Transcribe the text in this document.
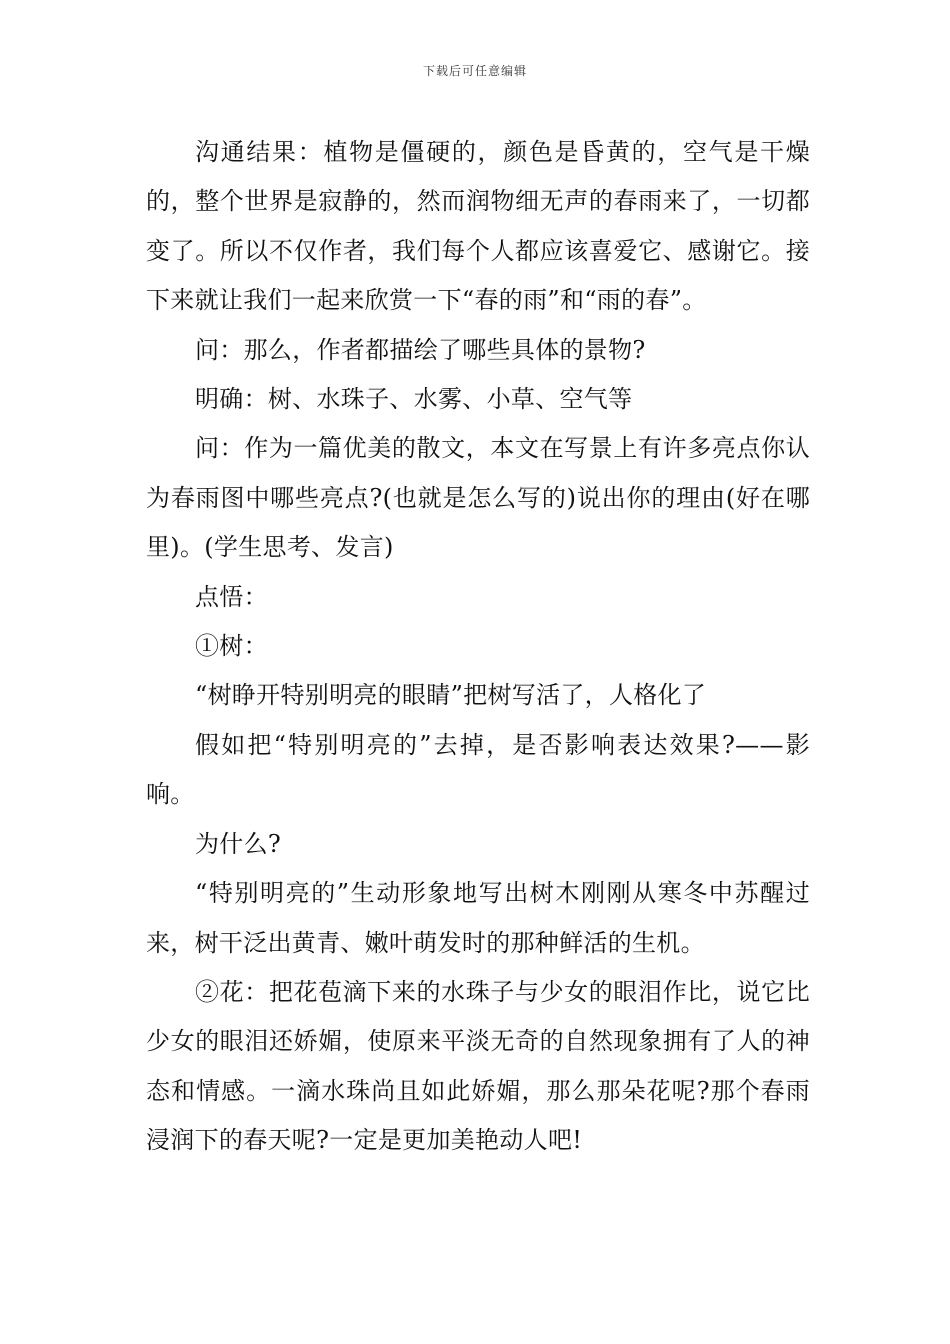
下载后可任意编辑

沟通结果：植物是僵硬的，颜色是昏黄的，空气是干燥的，整个世界是寂静的，然而润物细无声的春雨来了，一切都变了。所以不仅作者，我们每个人都应该喜爱它、感谢它。接下来就让我们一起来欣赏一下“春的雨”和“雨的春”。

问：那么，作者都描绘了哪些具体的景物?

明确：树、水珠子、水雾、小草、空气等

问：作为一篇优美的散文，本文在写景上有许多亮点你认为春雨图中哪些亮点?(也就是怎么写的)说出你的理由(好在哪里)。(学生思考、发言)

点悟：

①树：

“树睁开特别明亮的眼睛”把树写活了，人格化了

假如把“特别明亮的”去掉，是否影响表达效果?——影响。

为什么?

“特别明亮的”生动形象地写出树木刚刚从寒冬中苏醒过来，树干泛出黄青、嫩叶萌发时的那种鲜活的生机。

②花：把花苞滴下来的水珠子与少女的眼泪作比，说它比少女的眼泪还娇媚，使原来平淡无奇的自然现象拥有了人的神态和情感。一滴水珠尚且如此娇媚，那么那朵花呢?那个春雨浸润下的春天呢?一定是更加美艳动人吧!
